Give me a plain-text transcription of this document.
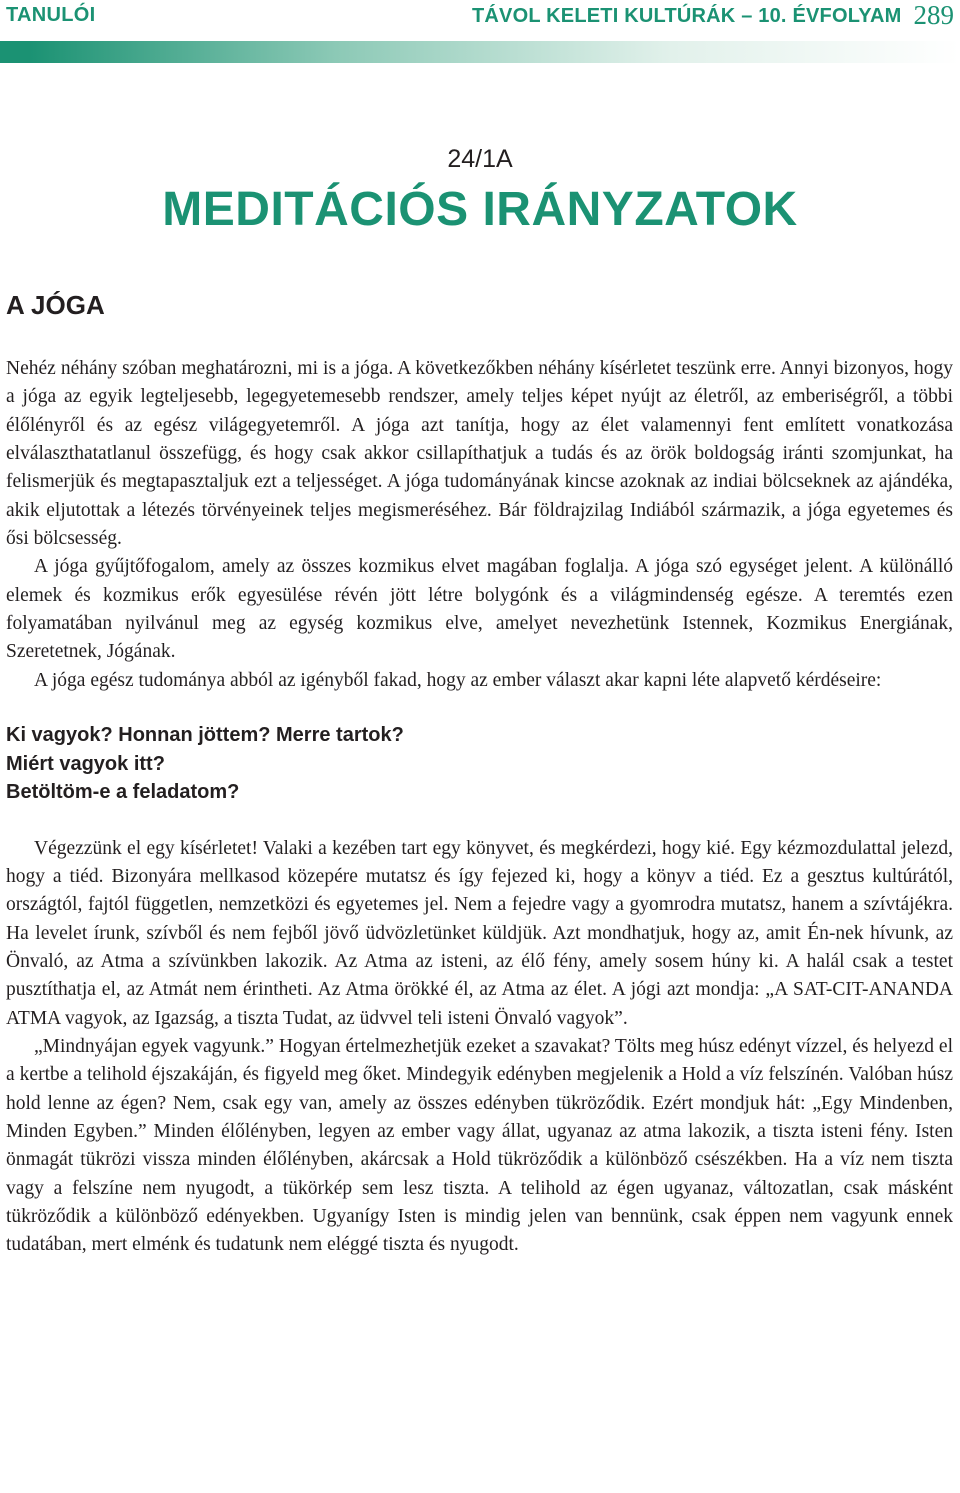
TANULÓI	TÁVOL KELETI KULTÚRÁK – 10. ÉVFOLYAM 289
24/1A
MEDITÁCIÓS IRÁNYZATOK
A JÓGA

Nehéz néhány szóban meghatározni, mi is a jóga. A következőkben néhány kísérletet teszünk erre. Annyi bizonyos, hogy a jóga az egyik legteljesebb, legegyetemesebb rendszer, amely teljes képet nyújt az életről, az emberiségről, a többi élőlényről és az egész világegyetemről. A jóga azt tanítja, hogy az élet valamennyi fent említett vonatkozása elválaszthatatlanul összefügg, és hogy csak akkor csillapíthatjuk a tudás és az örök boldogság iránti szomjunkat, ha felismerjük és megtapasztaljuk ezt a teljességet. A jóga tudományának kincse azoknak az indiai bölcseknek az ajándéka, akik eljutottak a létezés törvényeinek teljes megismeréséhez. Bár földrajzilag Indiából származik, a jóga egyetemes és ősi bölcsesség.

A jóga gyűjtőfogalom, amely az összes kozmikus elvet magában foglalja. A jóga szó egységet jelent. A különálló elemek és kozmikus erők egyesülése révén jött létre bolygónk és a világmindenség egésze. A teremtés ezen folyamatában nyilvánul meg az egység kozmikus elve, amelyet nevezhetünk Istennek, Kozmikus Energiának, Szeretetnek, Jógának.

A jóga egész tudománya abból az igényből fakad, hogy az ember választ akar kapni léte alapvető kérdéseire:

Ki vagyok? Honnan jöttem? Merre tartok?
Miért vagyok itt?
Betöltöm-e a feladatom?

Végezzünk el egy kísérletet! Valaki a kezében tart egy könyvet, és megkérdezi, hogy kié. Egy kézmozdulattal jelezd, hogy a tiéd. Bizonyára mellkasod közepére mutatsz és így fejezed ki, hogy a könyv a tiéd. Ez a gesztus kultúrától, országtól, fajtól független, nemzetközi és egyetemes jel. Nem a fejedre vagy a gyomrodra mutatsz, hanem a szívtájékra. Ha levelet írunk, szívből és nem fejből jövő üdvözletünket küldjük. Azt mondhatjuk, hogy az, amit Én-nek hívunk, az Önvaló, az Atma a szívünkben lakozik. Az Atma az isteni, az élő fény, amely sosem húny ki. A halál csak a testet pusztíthatja el, az Atmát nem érintheti. Az Atma örökké él, az Atma az élet. A jógi azt mondja: „A SAT-CIT-ANANDA ATMA vagyok, az Igazság, a tiszta Tudat, az üdvvel teli isteni Önvaló vagyok”.

„Mindnyájan egyek vagyunk.” Hogyan értelmezhetjük ezeket a szavakat? Tölts meg húsz edényt vízzel, és helyezd el a kertbe a telihold éjszakáján, és figyeld meg őket. Mindegyik edényben megjelenik a Hold a víz felszínén. Valóban húsz hold lenne az égen? Nem, csak egy van, amely az összes edényben tükröződik. Ezért mondjuk hát: „Egy Mindenben, Minden Egyben.” Minden élőlényben, legyen az ember vagy állat, ugyanaz az atma lakozik, a tiszta isteni fény. Isten önmagát tükrözi vissza minden élőlényben, akárcsak a Hold tükröződik a különböző csészékben. Ha a víz nem tiszta vagy a felszíne nem nyugodt, a tükörkép sem lesz tiszta. A telihold az égen ugyanaz, változatlan, csak másként tükröződik a különböző edényekben. Ugyanígy Isten is mindig jelen van bennünk, csak éppen nem vagyunk ennek tudatában, mert elménk és tudatunk nem eléggé tiszta és nyugodt.
